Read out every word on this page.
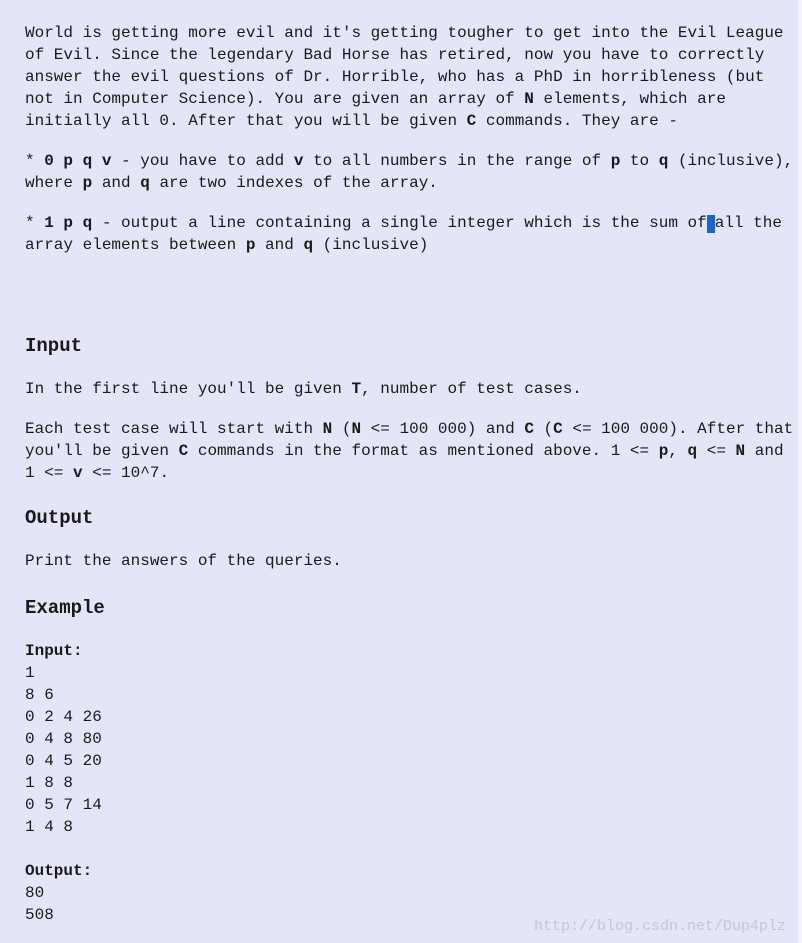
World is getting more evil and it's getting tougher to get into the Evil League of Evil. Since the legendary Bad Horse has retired, now you have to correctly answer the evil questions of Dr. Horrible, who has a PhD in horribleness (but not in Computer Science). You are given an array of N elements, which are initially all 0. After that you will be given C commands. They are -

* 0 p q v - you have to add v to all numbers in the range of p to q (inclusive), where p and q are two indexes of the array.

* 1 p q - output a line containing a single integer which is the sum of all the array elements between p and q (inclusive)

Input

In the first line you'll be given T, number of test cases.

Each test case will start with N (N <= 100 000) and C (C <= 100 000). After that you'll be given C commands in the format as mentioned above. 1 <= p, q <= N and 1 <= v <= 10^7.

Output

Print the answers of the queries.

Example
Input:
1
8 6
0 2 4 26
0 4 8 80
0 4 5 20
1 8 8
0 5 7 14
1 4 8
Output:
80
508
http://blog.csdn.net/Dup4plz
